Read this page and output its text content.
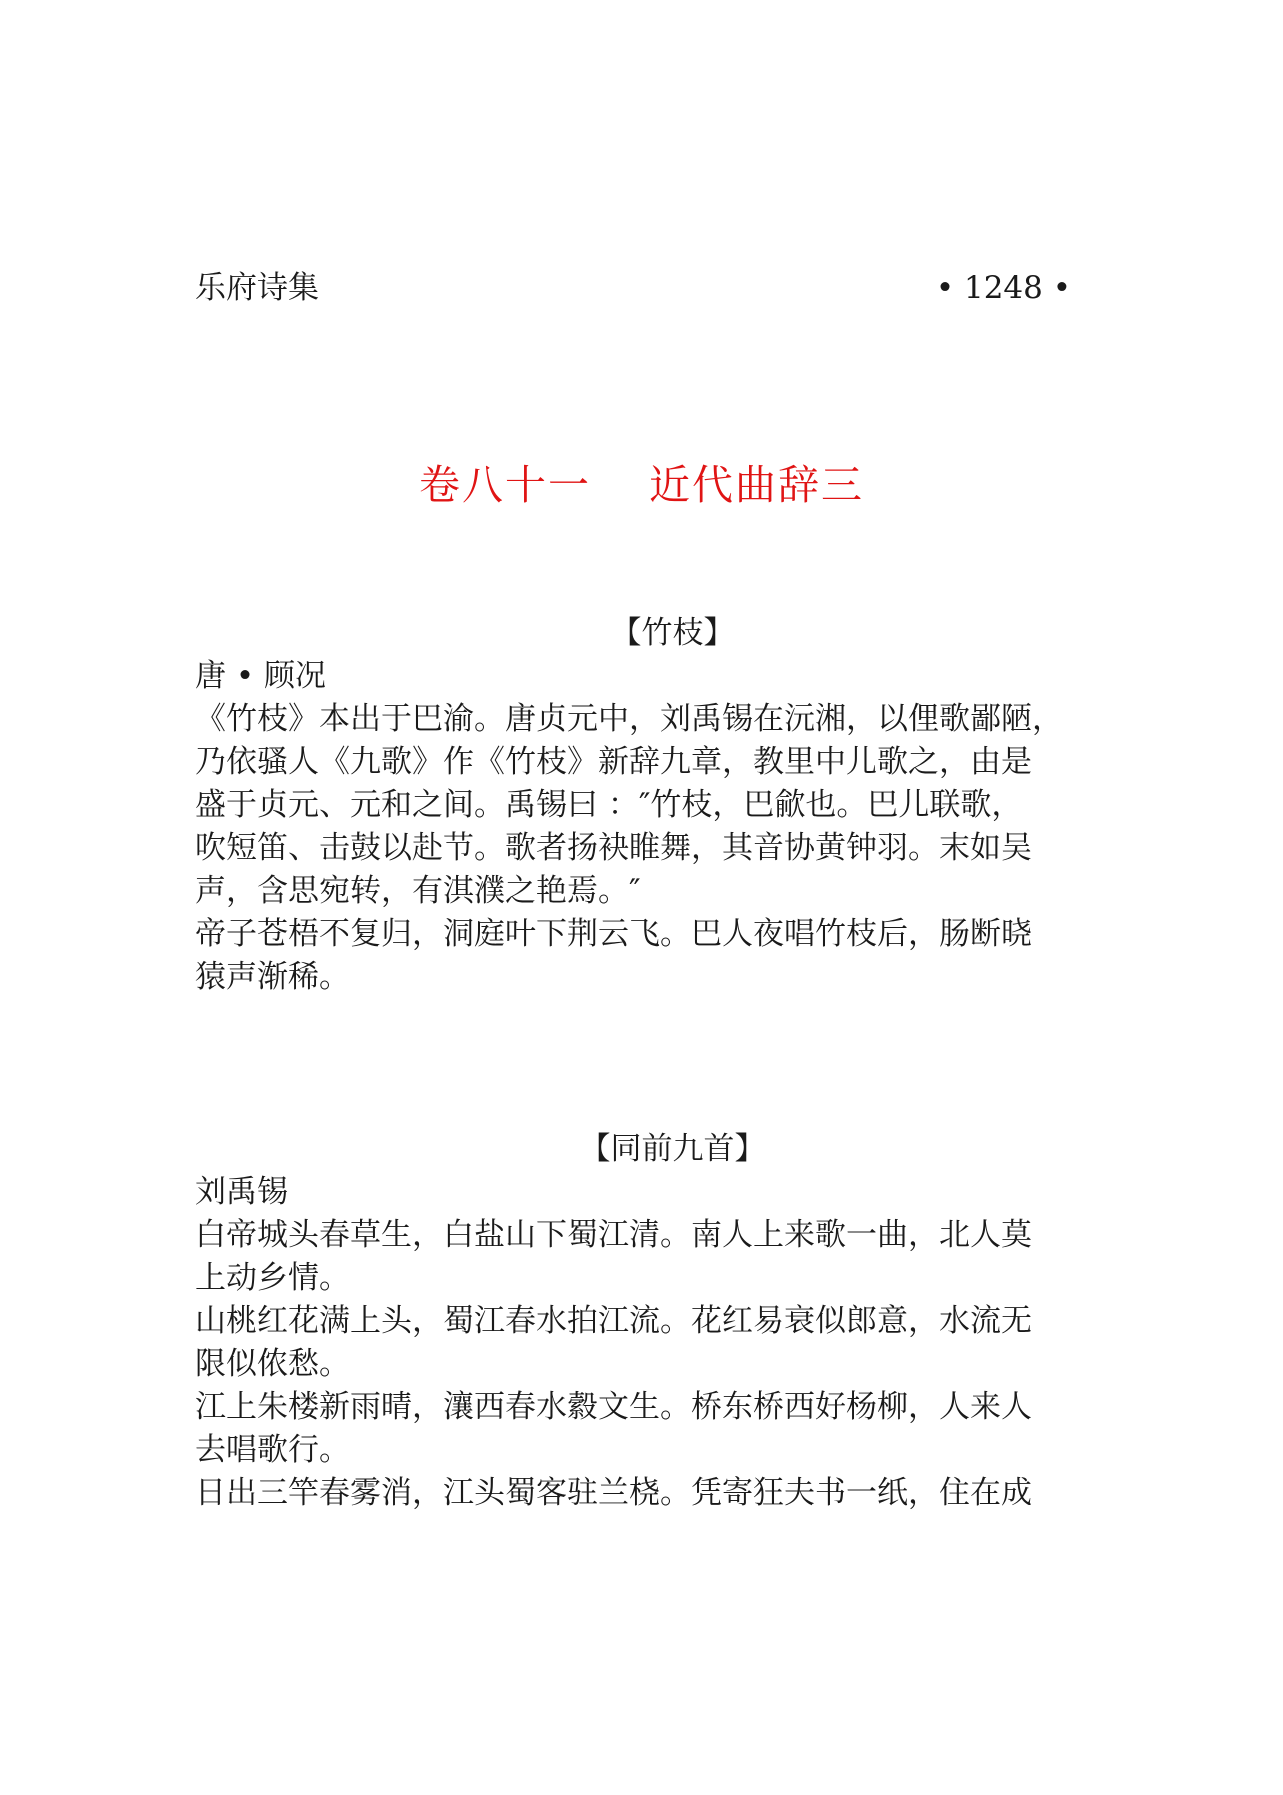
乐府诗集	• 1248 •
卷八十一　 近代曲辞三

【竹枝】

唐 • 顾况

《竹枝》本出于巴渝。唐贞元中，刘禹锡在沅湘，以俚歌鄙陋，

乃依骚人《九歌》作《竹枝》新辞九章，教里中儿歌之，由是

盛于贞元、元和之间。禹锡曰 ：″竹枝，巴歈也。巴儿联歌，

吹短笛、击鼓以赴节。歌者扬袂睢舞，其音协黄钟羽。末如吴

声，含思宛转，有淇濮之艳焉。″

帝子苍梧不复归，洞庭叶下荆云飞。巴人夜唱竹枝后，肠断晓

猿声渐稀。

【同前九首】

刘禹锡

白帝城头春草生，白盐山下蜀江清。南人上来歌一曲，北人莫

上动乡情。

山桃红花满上头，蜀江春水拍江流。花红易衰似郎意，水流无

限似侬愁。

江上朱楼新雨晴，瀼西春水縠文生。桥东桥西好杨柳，人来人

去唱歌行。

日出三竿春雾消，江头蜀客驻兰桡。凭寄狂夫书一纸，住在成
